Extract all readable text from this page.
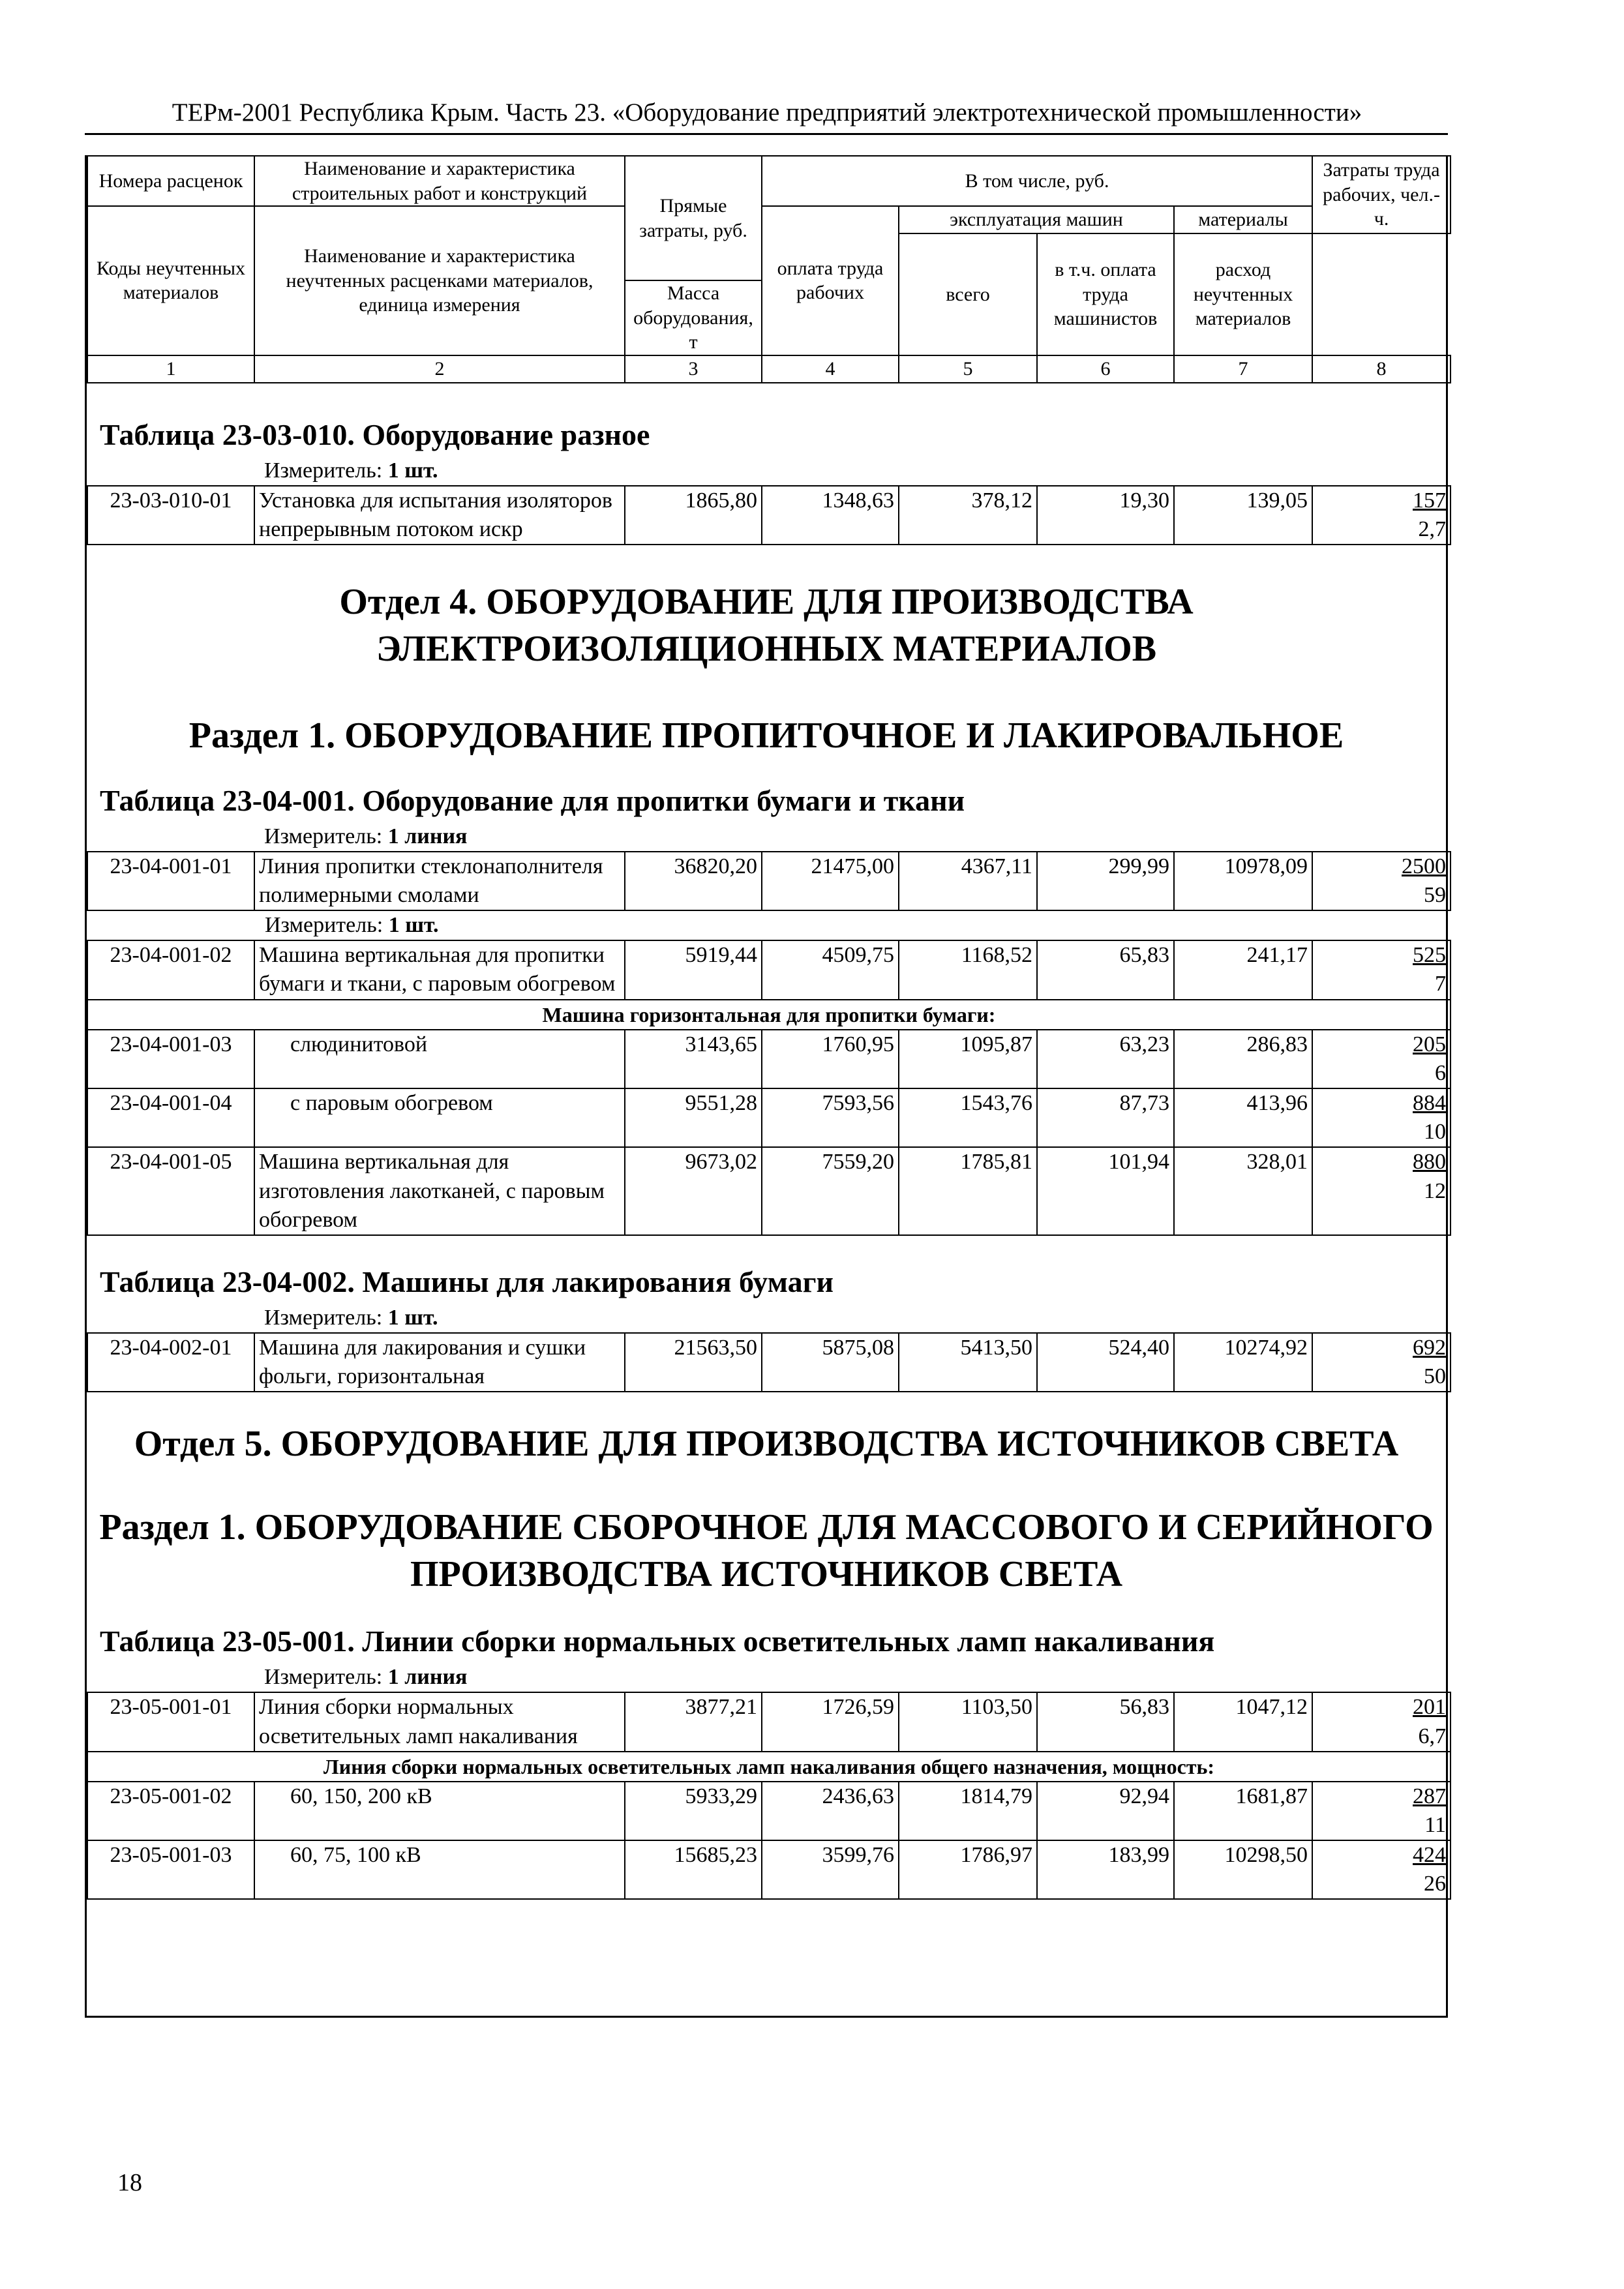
ТЕРм-2001 Республика Крым. Часть 23. «Оборудование предприятий электротехнической промышленности»
Номера расценок	Наименование и характеристика строительных работ и конструкций	Прямые затраты, руб.	В том числе, руб.				Затраты труда рабочих, чел.-ч.
Коды неучтенных материалов	Наименование и характеристика неучтенных расценками материалов, единица измерения		оплата труда рабочих	эксплуатация машин		материалы	
				всего	в т.ч. оплата труда машинистов	расход неучтенных материалов	
		Масса оборудования, т					
1	2	3	4	5	6	7	8
Таблица 23-03-010. Оборудование разное
Измеритель: 1 шт.
23-03-010-01	Установка для испытания изоляторов непрерывным потоком искр	1865,80	1348,63	378,12	19,30	139,05	157
2,7
Отдел 4. ОБОРУДОВАНИЕ ДЛЯ ПРОИЗВОДСТВА ЭЛЕКТРОИЗОЛЯЦИОННЫХ МАТЕРИАЛОВ
Раздел 1. ОБОРУДОВАНИЕ ПРОПИТОЧНОЕ И ЛАКИРОВАЛЬНОЕ
Таблица 23-04-001. Оборудование для пропитки бумаги и ткани
Измеритель: 1 линия
23-04-001-01	Линия пропитки стеклонаполнителя полимерными смолами	36820,20	21475,00	4367,11	299,99	10978,09	2500
59

Измеритель: 1 шт.							

23-04-001-02	Машина вертикальная для пропитки бумаги и ткани, с паровым обогревом	5919,44	4509,75	1168,52	65,83	241,17	525
7

Машина горизонтальная для пропитки бумаги:							
23-04-001-03	слюдинитовой	3143,65	1760,95	1095,87	63,23	286,83	205
6

23-04-001-04	с паровым обогревом	9551,28	7593,56	1543,76	87,73	413,96	884
10

23-04-001-05	Машина вертикальная для изготовления лакотканей, с паровым обогревом	9673,02	7559,20	1785,81	101,94	328,01	880
12
Таблица 23-04-002. Машины для лакирования бумаги
Измеритель: 1 шт.
23-04-002-01	Машина для лакирования и сушки фольги, горизонтальная	21563,50	5875,08	5413,50	524,40	10274,92	692
50
Отдел 5. ОБОРУДОВАНИЕ ДЛЯ ПРОИЗВОДСТВА ИСТОЧНИКОВ СВЕТА
Раздел 1. ОБОРУДОВАНИЕ СБОРОЧНОЕ ДЛЯ МАССОВОГО И СЕРИЙНОГО ПРОИЗВОДСТВА ИСТОЧНИКОВ СВЕТА
Таблица 23-05-001. Линии сборки нормальных осветительных ламп накаливания
Измеритель: 1 линия
23-05-001-01	Линия сборки нормальных осветительных ламп накаливания	3877,21	1726,59	1103,50	56,83	1047,12	201
6,7

Линия сборки нормальных осветительных ламп накаливания общего назначения, мощность:							
23-05-001-02	60, 150, 200 кВ	5933,29	2436,63	1814,79	92,94	1681,87	287
11

23-05-001-03	60, 75, 100 кВ	15685,23	3599,76	1786,97	183,99	10298,50	424
26
18
